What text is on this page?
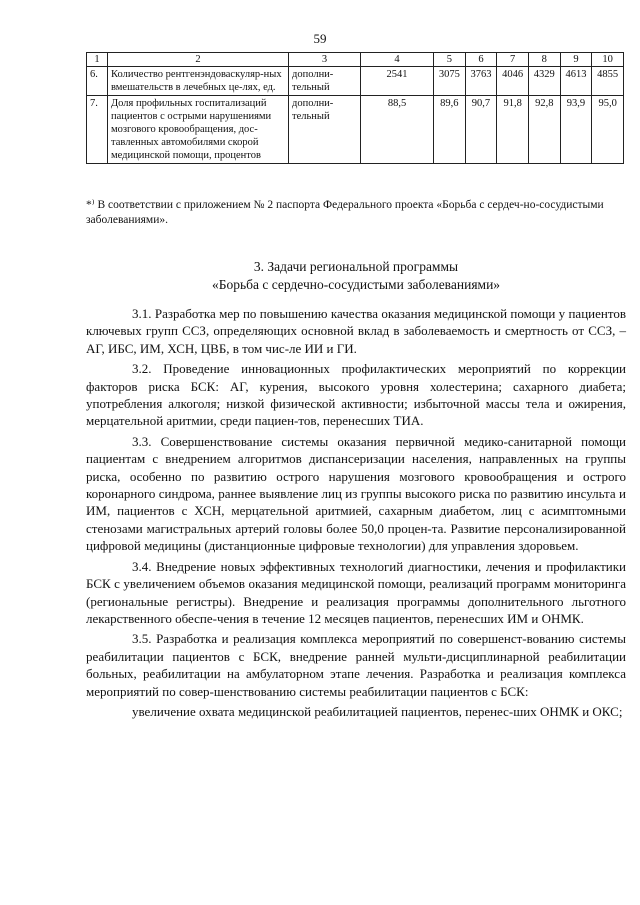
59
1	2	3	4	5	6	7	8	9	10
6.	Количество рентгенэндоваскуляр-ных вмешательств в лечебных це-лях, ед.	дополни-тельный	2541	3075	3763	4046	4329	4613	4855
7.	Доля профильных госпитализаций пациентов с острыми нарушениями мозгового кровообращения, дос-тавленных автомобилями скорой медицинской помощи, процентов	дополни-тельный	88,5	89,6	90,7	91,8	92,8	93,9	95,0
*⁾ В соответствии с приложением № 2 паспорта Федерального проекта «Борьба с сердеч-но-сосудистыми заболеваниями».
3. Задачи региональной программы
«Борьба с сердечно-сосудистыми заболеваниями»

3.1. Разработка мер по повышению качества оказания медицинской помощи у пациентов ключевых групп ССЗ, определяющих основной вклад в заболеваемость и смертность от ССЗ, – АГ, ИБС, ИМ, ХСН, ЦВБ, в том чис-ле ИИ и ГИ.

3.2. Проведение инновационных профилактических мероприятий по коррекции факторов риска БСК: АГ, курения, высокого уровня холестерина; сахарного диабета; употребления алкоголя; низкой физической активности; избыточной массы тела и ожирения, мерцательной аритмии, среди пациен-тов, перенесших ТИА.

3.3. Совершенствование системы оказания первичной медико-санитарной помощи пациентам с внедрением алгоритмов диспансеризации населения, направленных на группы риска, особенно по развитию острого нарушения мозгового кровообращения и острого коронарного синдрома, раннее выявление лиц из группы высокого риска по развитию инсульта и ИМ, пациентов с ХСН, мерцательной аритмией, сахарным диабетом, лиц с асимптомными стенозами магистральных артерий головы более 50,0 процен-та. Развитие персонализированной цифровой медицины (дистанционные цифровые технологии) для управления здоровьем.

3.4. Внедрение новых эффективных технологий диагностики, лечения и профилактики БСК с увеличением объемов оказания медицинской помощи, реализаций программ мониторинга (региональные регистры). Внедрение и реализация программы дополнительного льготного лекарственного обеспе-чения в течение 12 месяцев пациентов, перенесших ИМ и ОНМК.

3.5. Разработка и реализация комплекса мероприятий по совершенст-вованию системы реабилитации пациентов с БСК, внедрение ранней мульти-дисциплинарной реабилитации больных, реабилитации на амбулаторном этапе лечения. Разработка и реализация комплекса мероприятий по совер-шенствованию системы реабилитации пациентов с БСК:

увеличение охвата медицинской реабилитацией пациентов, перенес-ших ОНМК и ОКС;
